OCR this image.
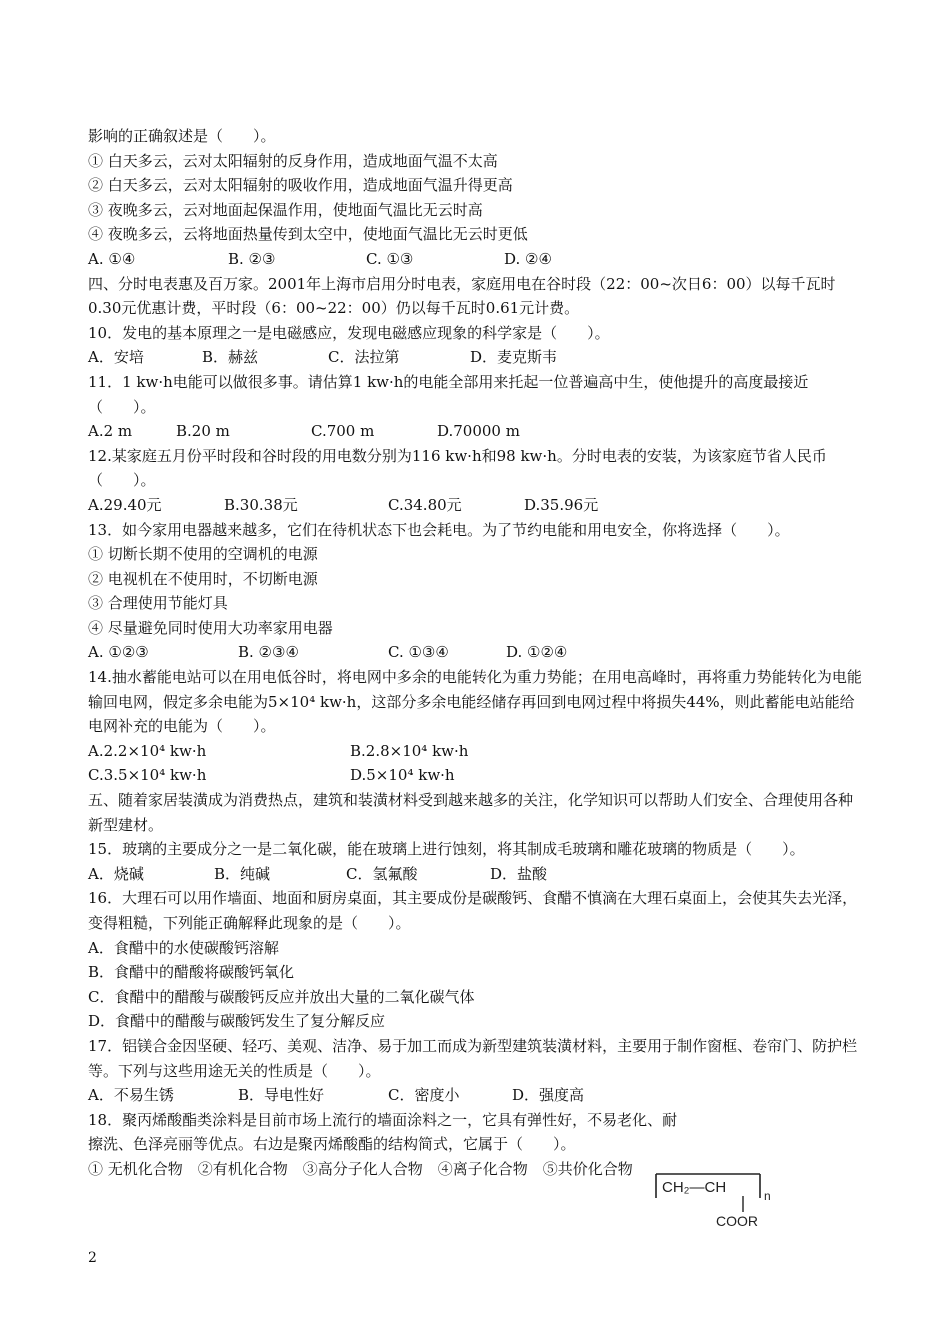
影响的正确叙述是（　　）。
① 白天多云，云对太阳辐射的反身作用，造成地面气温不太高
② 白天多云，云对太阳辐射的吸收作用，造成地面气温升得更高
③ 夜晚多云，云对地面起保温作用，使地面气温比无云时高
④ 夜晚多云，云将地面热量传到太空中，使地面气温比无云时更低
A. ①④	B. ②③	C. ①③	D. ②④
四、分时电表惠及百万家。2001年上海市启用分时电表，家庭用电在谷时段（22：00~次日6：00）以每千瓦时0.30元优惠计费，平时段（6：00~22：00）仍以每千瓦时0.61元计费。
10．发电的基本原理之一是电磁感应，发现电磁感应现象的科学家是（　　）。
A．安培	B．赫兹	C．法拉第	D．麦克斯韦
11．1 kw·h电能可以做很多事。请估算1 kw·h的电能全部用来托起一位普遍高中生，使他提升的高度最接近（　　）。
A.2 m	B.20 m	C.700 m	D.70000 m
12.某家庭五月份平时段和谷时段的用电数分别为116 kw·h和98 kw·h。分时电表的安装，为该家庭节省人民币（　　）。
A.29.40元	B.30.38元	C.34.80元	D.35.96元
13．如今家用电器越来越多，它们在待机状态下也会耗电。为了节约电能和用电安全，你将选择（　　）。
① 切断长期不使用的空调机的电源
② 电视机在不使用时，不切断电源
③ 合理使用节能灯具
④ 尽量避免同时使用大功率家用电器
A. ①②③	B. ②③④	C. ①③④	D. ①②④
14.抽水蓄能电站可以在用电低谷时，将电网中多余的电能转化为重力势能；在用电高峰时，再将重力势能转化为电能输回电网，假定多余电能为5×10⁴ kw·h，这部分多余电能经储存再回到电网过程中将损失44%，则此蓄能电站能给电网补充的电能为（　　）。
A.2.2×10⁴ kw·h	B.2.8×10⁴ kw·h
C.3.5×10⁴ kw·h	D.5×10⁴ kw·h
五、随着家居装潢成为消费热点，建筑和装潢材料受到越来越多的关注，化学知识可以帮助人们安全、合理使用各种新型建材。
15．玻璃的主要成分之一是二氧化碳，能在玻璃上进行蚀刻，将其制成毛玻璃和雕花玻璃的物质是（　　）。
A．烧碱	B．纯碱	C．氢氟酸	D．盐酸
16．大理石可以用作墙面、地面和厨房桌面，其主要成份是碳酸钙、食醋不慎滴在大理石桌面上，会使其失去光泽，变得粗糙，下列能正确解释此现象的是（　　）。
A．食醋中的水使碳酸钙溶解
B．食醋中的醋酸将碳酸钙氧化
C．食醋中的醋酸与碳酸钙反应并放出大量的二氧化碳气体
D．食醋中的醋酸与碳酸钙发生了复分解反应
17．铝镁合金因坚硬、轻巧、美观、洁净、易于加工而成为新型建筑装潢材料，主要用于制作窗框、卷帘门、防护栏等。下列与这些用途无关的性质是（　　）。
A．不易生锈	B．导电性好	C．密度小	D．强度高
18．聚丙烯酸酯类涂料是目前市场上流行的墙面涂料之一，它具有弹性好，不易老化、耐擦洗、色泽亮丽等优点。右边是聚丙烯酸酯的结构简式，它属于（　　）。
① 无机化合物　②有机化合物　③高分子化人合物　④离子化合物　⑤共价化合物
CH₂—CH	n
COOR
2
